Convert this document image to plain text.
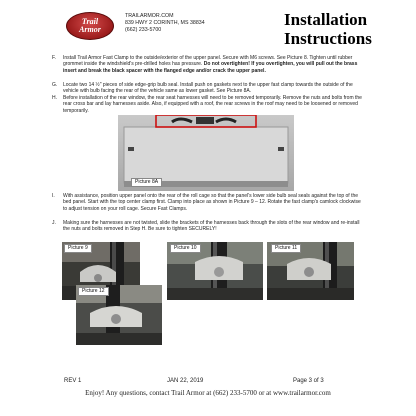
Trail
Armor
TRAILARMOR.COM
839 HWY 2 CORINTH, MS 38834
(662) 233-5700
Installation
Instructions
F. Install Trail Armor Fast Clamp to the outside/exterior of the upper panel. Secure with M6 screws. See Picture 8. Tighten until rubber grommet inside the windshield's pre-drilled holes has pressure. Do not overtighten! If you overtighten, you will pull out the brass insert and break the black spacer with the flanged edge and/or crack the upper panel.
G. Locate two 14 ½" pieces of side edge-grip bulb seal. Install push on gaskets next to the upper fast clamp towards the outside of the vehicle with bulb facing the rear of the vehicle same as lower gasket. See Picture 8A.
H. Before installation of the rear window, the rear seat harnesses will need to be removed temporarily. Remove the nuts and bolts from the rear cross bar and lay harnesses aside. Also, if equipped with a roof, the rear screws in the roof may need to be loosened or removed temporarily.
Picture 8A
I. With assistance, position upper panel onto the rear of the roll cage so that the panel's lower side bulb seal seals against the top of the bed panel. Start with the top center clamp first. Clamp into place as shown in Picture 9 – 12. Rotate the fast clamp's camlock clockwise to adjust tension on your roll cage. Secure Fast Clamps.
J. Making sure the harnesses are not twisted, slide the brackets of the harnesses back through the slots of the rear window and re-install the nuts and bolts removed in Step H. Be sure to tighten SECURELY!
Picture 9	Picture 10	Picture 11
Picture 12
REV 1	JAN 22, 2019	Page 3 of 3
Enjoy! Any questions, contact Trail Armor at (662) 233-5700 or at www.trailarmor.com
